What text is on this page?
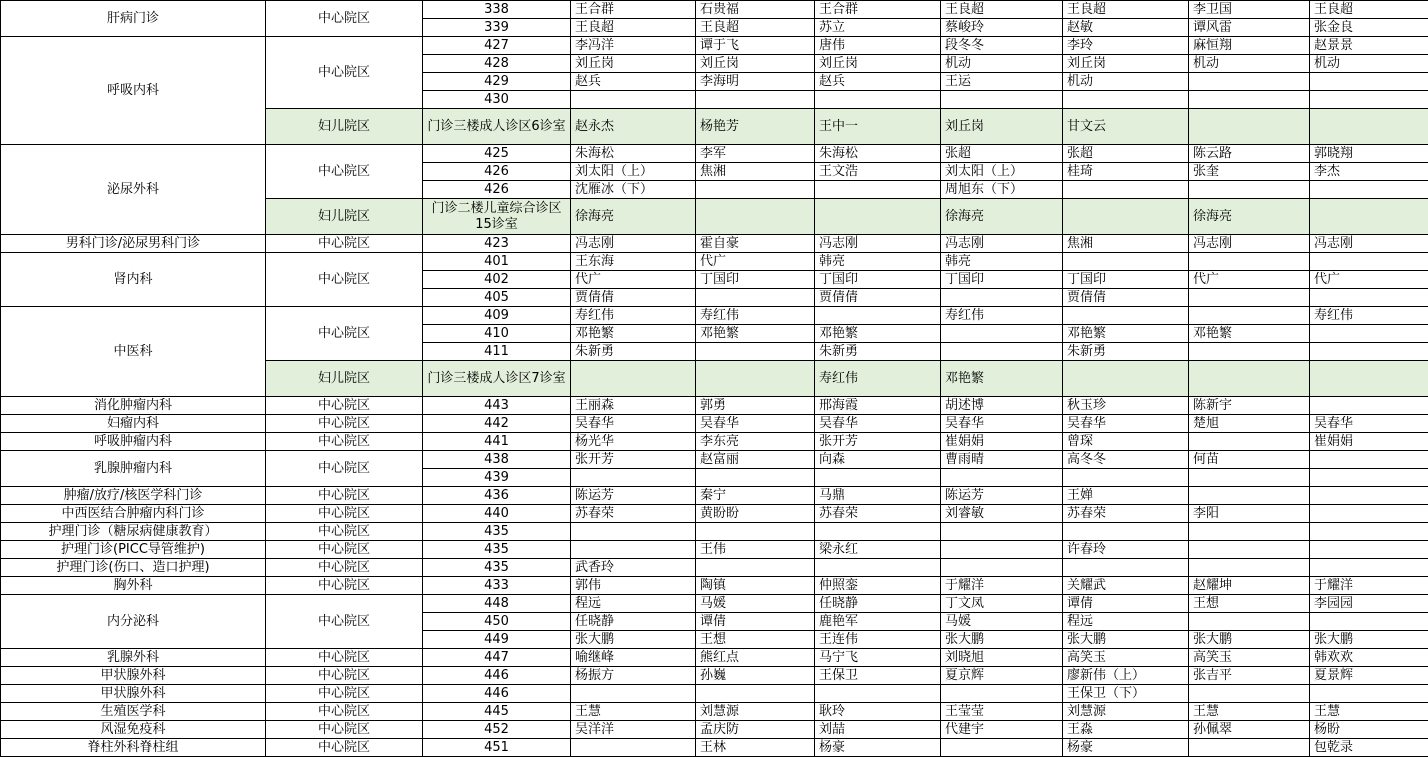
肝病门诊	中心院区	338	王合群	石贵福	王合群	王良超	王良超	李卫国	王良超
		339	王良超	王良超	苏立	蔡峻玲	赵敏	谭风雷	张金良
呼吸内科	中心院区	427	李冯洋	谭于飞	唐伟	段冬冬	李玲	麻恒翔	赵景景
		428	刘丘岗	刘丘岗	刘丘岗	机动	刘丘岗	机动	机动
		429	赵兵	李海明	赵兵	王运	机动		
		430							
	妇儿院区	门诊三楼成人诊区6诊室	赵永杰	杨艳芳	王中一	刘丘岗	甘文云		
泌尿外科	中心院区	425	朱海松	李军	朱海松	张超	张超	陈云路	郭晓翔
		426	刘太阳（上）	焦湘	王文浩	刘太阳（上）	桂琦	张奎	李杰
		426	沈雁冰（下）			周旭东（下）			
	妇儿院区	门诊二楼儿童综合诊区15诊室	徐海亮			徐海亮		徐海亮	
男科门诊/泌尿男科门诊	中心院区	423	冯志刚	霍自豪	冯志刚	冯志刚	焦湘	冯志刚	冯志刚
肾内科	中心院区	401	王东海	代广	韩亮	韩亮			
		402	代广	丁国印	丁国印	丁国印	丁国印	代广	代广
		405	贾倩倩		贾倩倩		贾倩倩		
中医科	中心院区	409	寿红伟	寿红伟		寿红伟			寿红伟
		410	邓艳繁	邓艳繁	邓艳繁		邓艳繁	邓艳繁	
		411	朱新勇		朱新勇		朱新勇		
	妇儿院区	门诊三楼成人诊区7诊室			寿红伟	邓艳繁			
消化肿瘤内科	中心院区	443	王丽森	郭勇	邢海霞	胡述博	秋玉珍	陈新宇	
妇瘤内科	中心院区	442	吴春华	吴春华	吴春华	吴春华	吴春华	楚旭	吴春华
呼吸肿瘤内科	中心院区	441	杨光华	李东亮	张开芳	崔娟娟	曾琛		崔娟娟
乳腺肿瘤内科	中心院区	438	张开芳	赵富丽	向森	曹雨晴	高冬冬	何苗	
		439							
肿瘤/放疗/核医学科门诊	中心院区	436	陈运芳	秦宁	马鼎	陈运芳	王婵		
中西医结合肿瘤内科门诊	中心院区	440	苏春荣	黄盼盼	苏春荣	刘睿敏	苏春荣	李阳	
护理门诊（糖尿病健康教育）	中心院区	435							
护理门诊(PICC导管维护)	中心院区	435		王伟	梁永红		许春玲		
护理门诊(伤口、造口护理)	中心院区	435	武香玲						
胸外科	中心院区	433	郭伟	陶镇	仲照銮	于耀洋	关耀武	赵耀坤	于耀洋
内分泌科	中心院区	448	程远	马媛	任晓静	丁文凤	谭倩	王想	李园园
		450	任晓静	谭倩	鹿艳军	马媛	程远		
		449	张大鹏	王想	王连伟	张大鹏	张大鹏	张大鹏	张大鹏
乳腺外科	中心院区	447	喻继峰	熊红点	马宁飞	刘晓旭	高笑玉	高笑玉	韩欢欢
甲状腺外科	中心院区	446	杨振方	孙巍	王保卫	夏京辉	廖新伟（上）	张吉平	夏景辉
甲状腺外科	中心院区	446					王保卫（下）		
生殖医学科	中心院区	445	王慧	刘慧源	耿玲	王莹莹	刘慧源	王慧	王慧
风湿免疫科	中心院区	452	吴洋洋	孟庆防	刘喆	代建宇	王淼	孙佩翠	杨盼
脊柱外科脊柱组	中心院区	451		王林	杨豪		杨豪		包乾录
